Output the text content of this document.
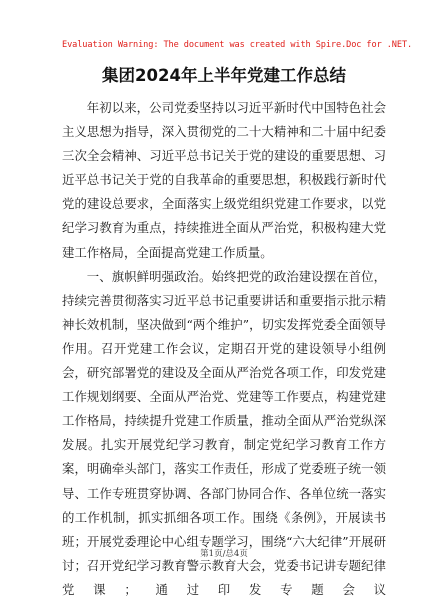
Evaluation Warning: The document was created with Spire.Doc for .NET.
集团2024年上半年党建工作总结

年初以来，公司党委坚持以习近平新时代中国特色社会主义思想为指导，深入贯彻党的二十大精神和二十届中纪委三次全会精神、习近平总书记关于党的建设的重要思想、习近平总书记关于党的自我革命的重要思想，积极践行新时代党的建设总要求，全面落实上级党组织党建工作要求，以党纪学习教育为重点，持续推进全面从严治党，积极构建大党建工作格局，全面提高党建工作质量。

一、旗帜鲜明强政治。始终把党的政治建设摆在首位，持续完善贯彻落实习近平总书记重要讲话和重要指示批示精神长效机制，坚决做到“两个维护”，切实发挥党委全面领导作用。召开党建工作会议，定期召开党的建设领导小组例会，研究部署党的建设及全面从严治党各项工作，印发党建工作规划纲要、全面从严治党、党建等工作要点，构建党建工作格局，持续提升党建工作质量，推动全面从严治党纵深发展。扎实开展党纪学习教育，制定党纪学习教育工作方案，明确牵头部门，落实工作责任，形成了党委班子统一领导、工作专班贯穿协调、各部门协同合作、各单位统一落实的工作机制，抓实抓细各项工作。围绕《条例》，开展读书班；开展党委理论中心组专题学习，围绕“六大纪律”开展研讨；召开党纪学习教育警示教育大会，党委书记讲专题纪律党课；通过印发专题会议

第1页/总4页
